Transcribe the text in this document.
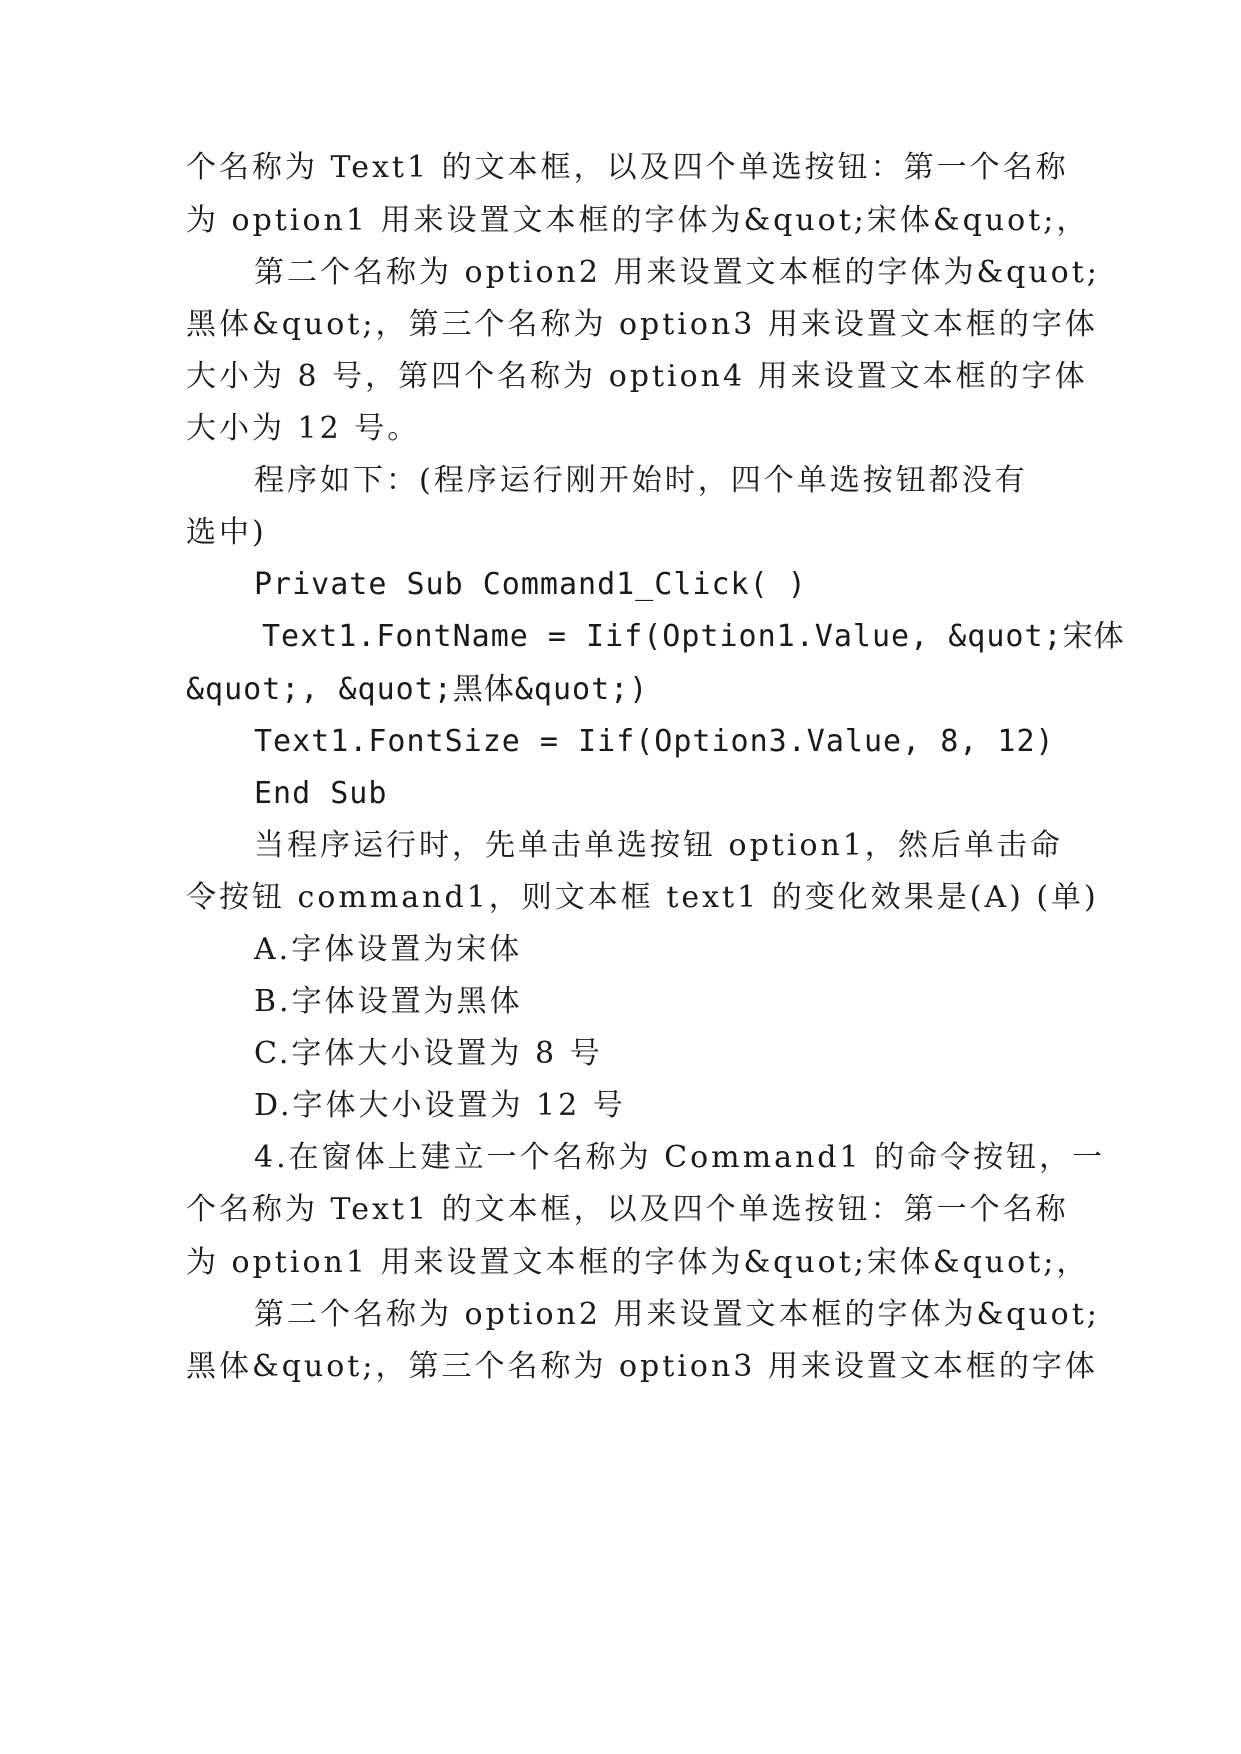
个名称为 Text1 的文本框，以及四个单选按钮：第一个名称
为 option1 用来设置文本框的字体为&quot;宋体&quot;，
第二个名称为 option2 用来设置文本框的字体为&quot;
黑体&quot;，第三个名称为 option3 用来设置文本框的字体
大小为 8 号，第四个名称为 option4 用来设置文本框的字体
大小为 12 号。
程序如下：(程序运行刚开始时，四个单选按钮都没有
选中)
Private Sub Command1_Click( )
Text1.FontName = Iif(Option1.Value, &quot;宋体
&quot;, &quot;黑体&quot;)
Text1.FontSize = Iif(Option3.Value, 8, 12)
End Sub
当程序运行时，先单击单选按钮 option1，然后单击命
令按钮 command1，则文本框 text1 的变化效果是(A) (单)
A.字体设置为宋体
B.字体设置为黑体
C.字体大小设置为 8 号
D.字体大小设置为 12 号
4.在窗体上建立一个名称为 Command1 的命令按钮，一
个名称为 Text1 的文本框，以及四个单选按钮：第一个名称
为 option1 用来设置文本框的字体为&quot;宋体&quot;，
第二个名称为 option2 用来设置文本框的字体为&quot;
黑体&quot;，第三个名称为 option3 用来设置文本框的字体
